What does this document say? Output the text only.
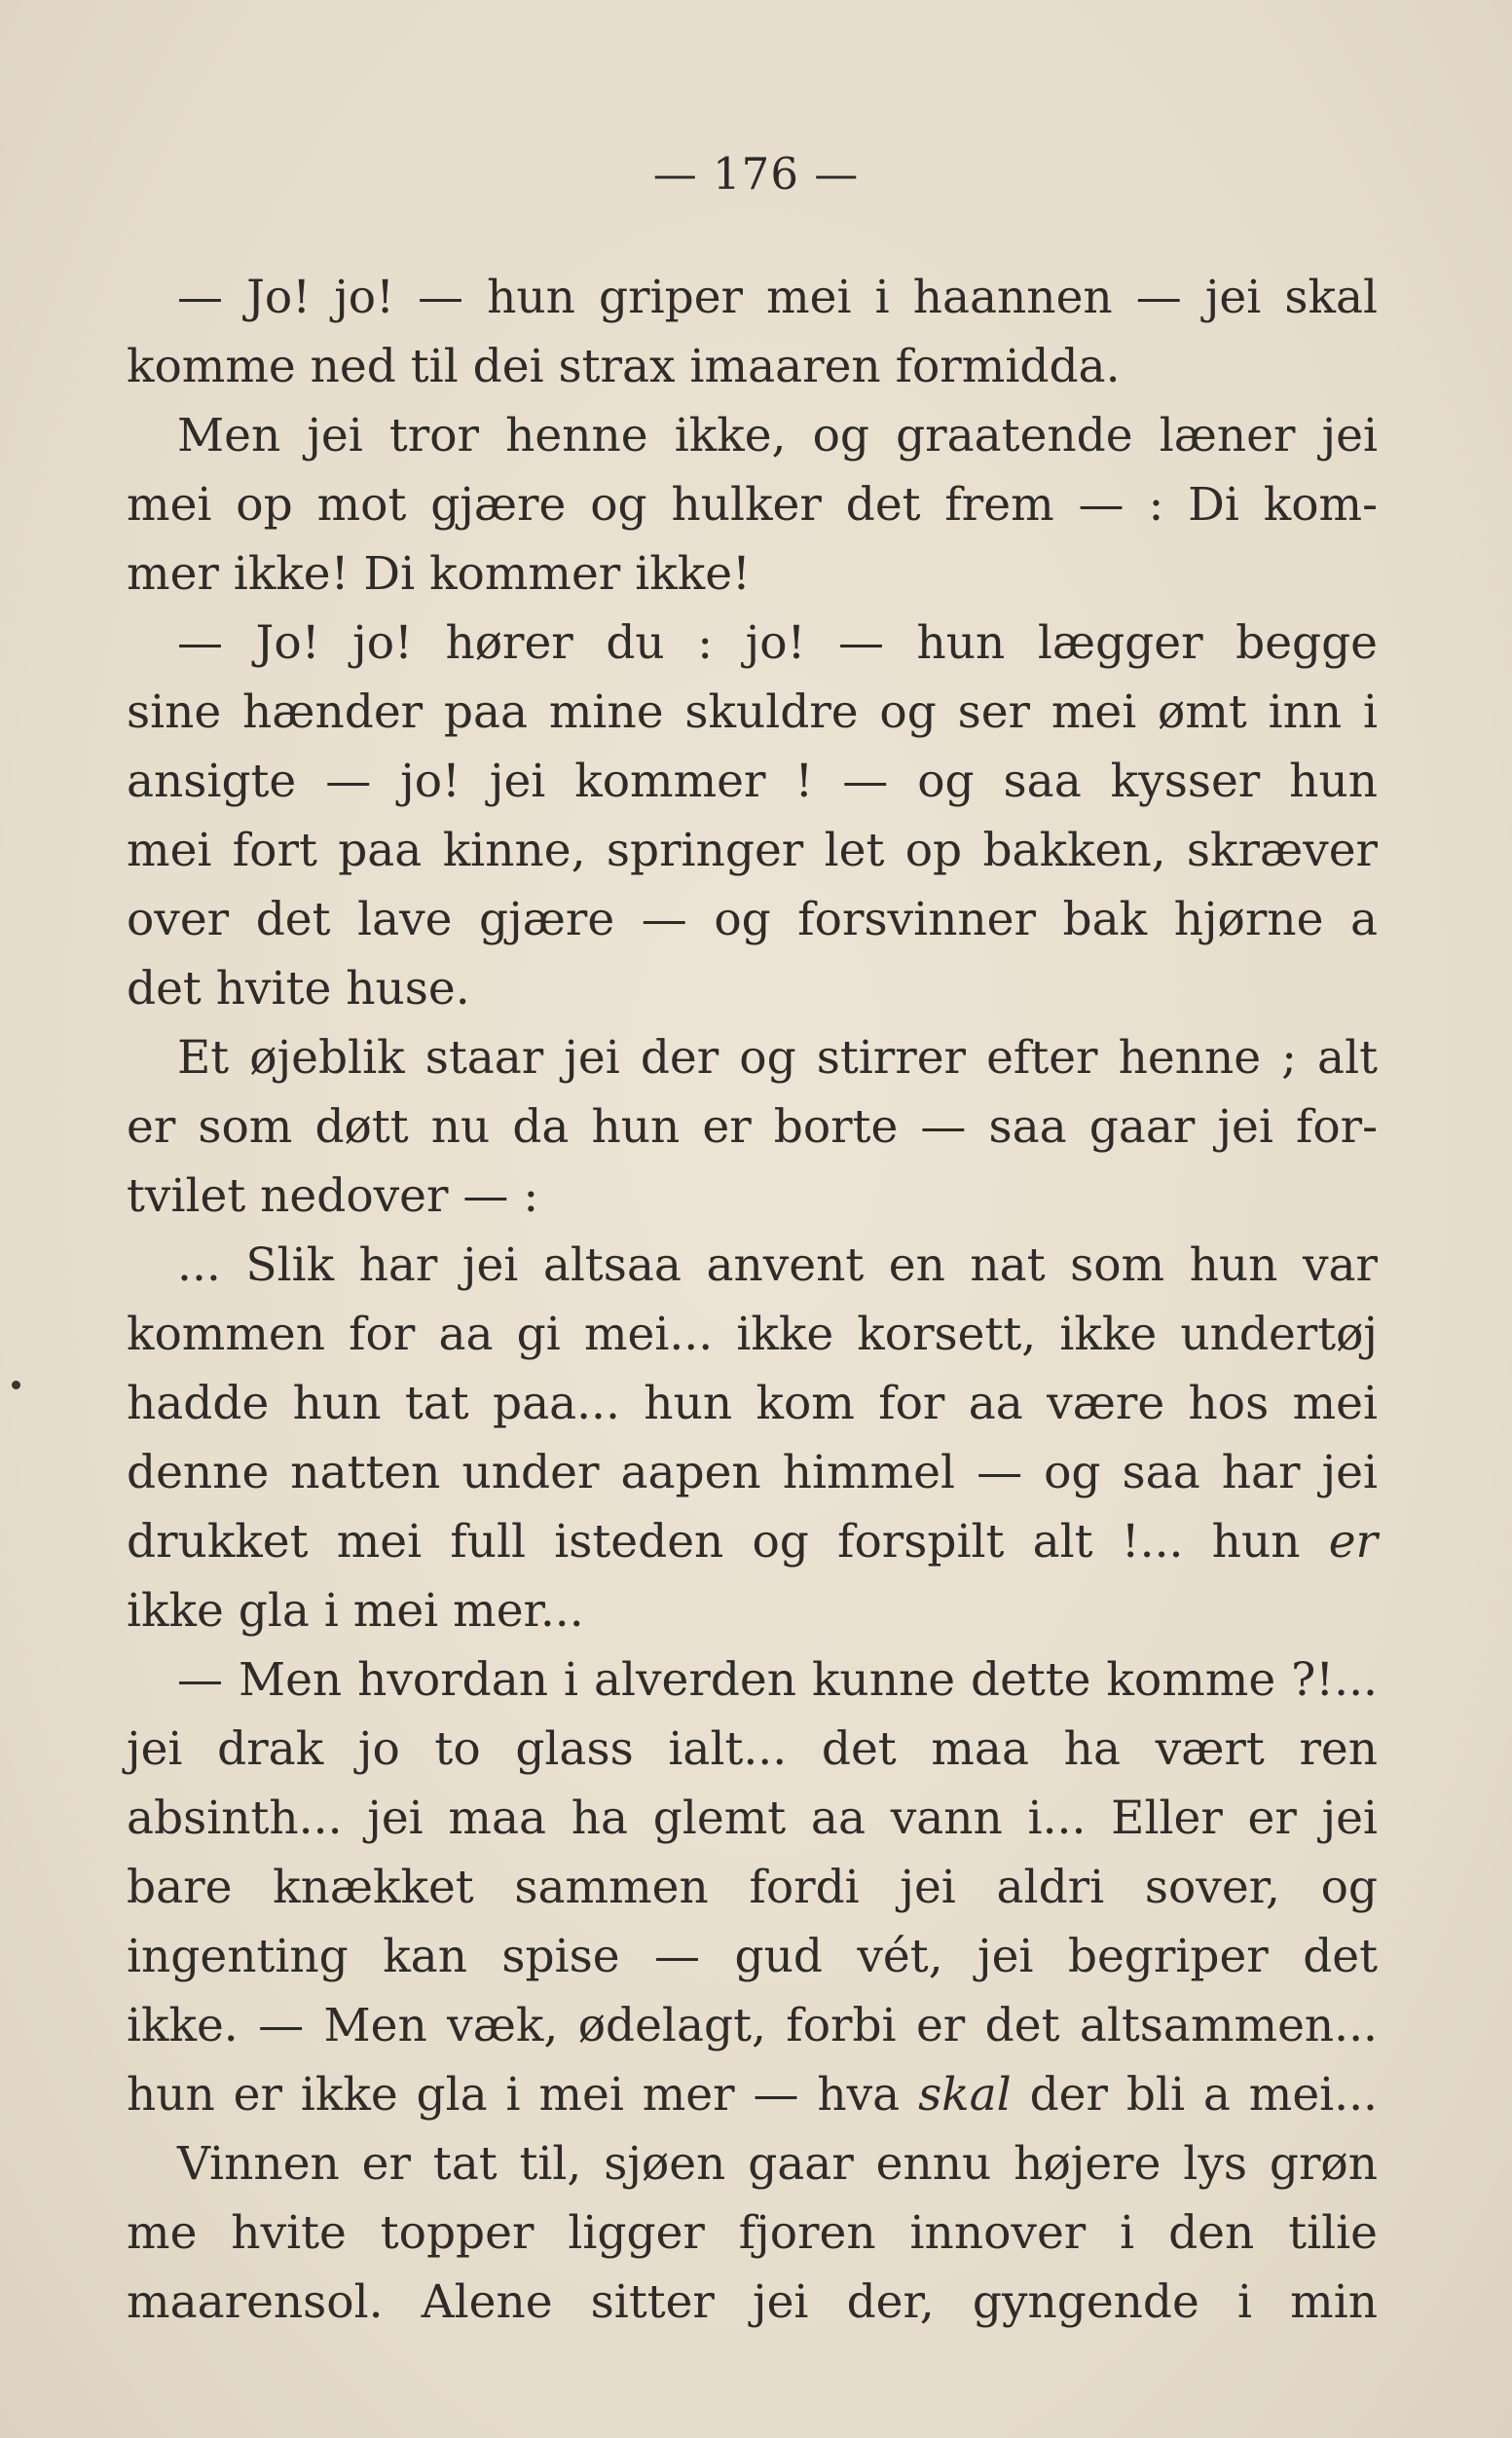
— 176 —
— Jo! jo! — hun griper mei i haannen — jei skal
komme ned til dei strax imaaren formidda.
Men jei tror henne ikke, og graatende læner jei
mei op mot gjære og hulker det frem — : Di kom-
mer ikke! Di kommer ikke!
— Jo! jo! hører du : jo! — hun lægger begge
sine hænder paa mine skuldre og ser mei ømt inn i
ansigte — jo! jei kommer ! — og saa kysser hun
mei fort paa kinne, springer let op bakken, skræver
over det lave gjære — og forsvinner bak hjørne a
det hvite huse.
Et øjeblik staar jei der og stirrer efter henne ; alt
er som døtt nu da hun er borte — saa gaar jei for-
tvilet nedover — :
... Slik har jei altsaa anvent en nat som hun var
kommen for aa gi mei... ikke korsett, ikke undertøj
hadde hun tat paa... hun kom for aa være hos mei
denne natten under aapen himmel — og saa har jei
drukket mei full isteden og forspilt alt !... hun er
ikke gla i mei mer...
— Men hvordan i alverden kunne dette komme ?!...
jei drak jo to glass ialt... det maa ha vært ren
absinth... jei maa ha glemt aa vann i... Eller er jei
bare knækket sammen fordi jei aldri sover, og
ingenting kan spise — gud vét, jei begriper det
ikke. — Men væk, ødelagt, forbi er det altsammen...
hun er ikke gla i mei mer — hva skal der bli a mei...
Vinnen er tat til, sjøen gaar ennu højere lys grøn
me hvite topper ligger fjoren innover i den tilie
maarensol. Alene sitter jei der, gyngende i min
